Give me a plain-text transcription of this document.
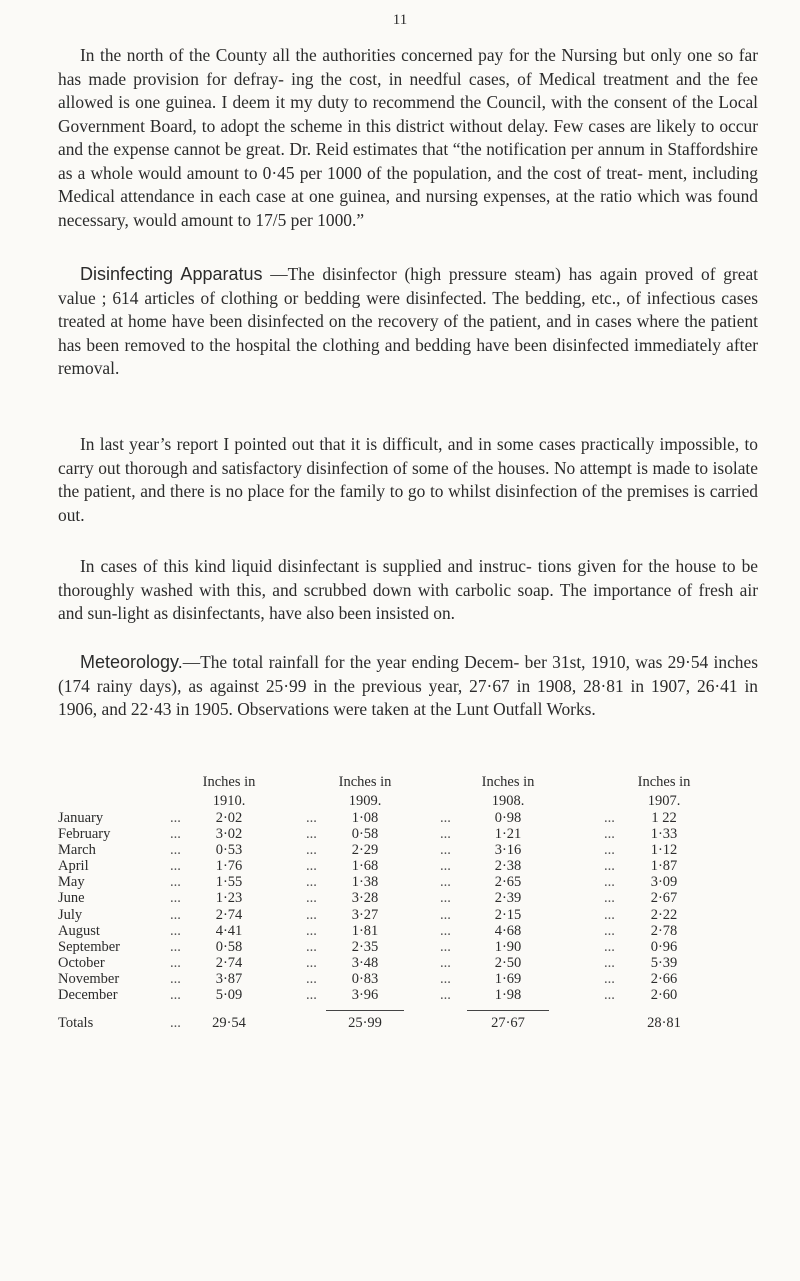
11

In the north of the County all the authorities concerned pay for the Nursing but only one so far has made provision for defray- ing the cost, in needful cases, of Medical treatment and the fee allowed is one guinea. I deem it my duty to recommend the Council, with the consent of the Local Government Board, to adopt the scheme in this district without delay. Few cases are likely to occur and the expense cannot be great. Dr. Reid estimates that “the notification per annum in Staffordshire as a whole would amount to 0·45 per 1000 of the population, and the cost of treat- ment, including Medical attendance in each case at one guinea, and nursing expenses, at the ratio which was found necessary, would amount to 17/5 per 1000.”

Disinfecting Apparatus —The disinfector (high pressure steam) has again proved of great value ; 614 articles of clothing or bedding were disinfected. The bedding, etc., of infectious cases treated at home have been disinfected on the recovery of the patient, and in cases where the patient has been removed to the hospital the clothing and bedding have been disinfected immediately after removal.

In last year’s report I pointed out that it is difficult, and in some cases practically impossible, to carry out thorough and satisfactory disinfection of some of the houses. No attempt is made to isolate the patient, and there is no place for the family to go to whilst disinfection of the premises is carried out.

In cases of this kind liquid disinfectant is supplied and instruc- tions given for the house to be thoroughly washed with this, and scrubbed down with carbolic soap. The importance of fresh air and sun-light as disinfectants, have also been insisted on.

Meteorology.—The total rainfall for the year ending Decem- ber 31st, 1910, was 29·54 inches (174 rainy days), as against 25·99 in the previous year, 27·67 in 1908, 28·81 in 1907, 26·41 in 1906, and 22·43 in 1905. Observations were taken at the Lunt Outfall Works.

Inches in
1910.
Inches in
1909.
Inches in
1908.
Inches in
1907.
January	...	2·02	...	1·08	...	0·98	...	1 22
February	...	3·02	...	0·58	...	1·21	...	1·33
March	...	0·53	...	2·29	...	3·16	...	1·12
April	...	1·76	...	1·68	...	2·38	...	1·87
May	...	1·55	...	1·38	...	2·65	...	3·09
June	...	1·23	...	3·28	...	2·39	...	2·67
July	...	2·74	...	3·27	...	2·15	...	2·22
August	...	4·41	...	1·81	...	4·68	...	2·78
September	...	0·58	...	2·35	...	1·90	...	0·96
October	...	2·74	...	3·48	...	2·50	...	5·39
November	...	3·87	...	0·83	...	1·69	...	2·66
December	...	5·09	...	3·96	...	1·98	...	2·60
Totals	...	29·54	25·99	27·67	28·81
